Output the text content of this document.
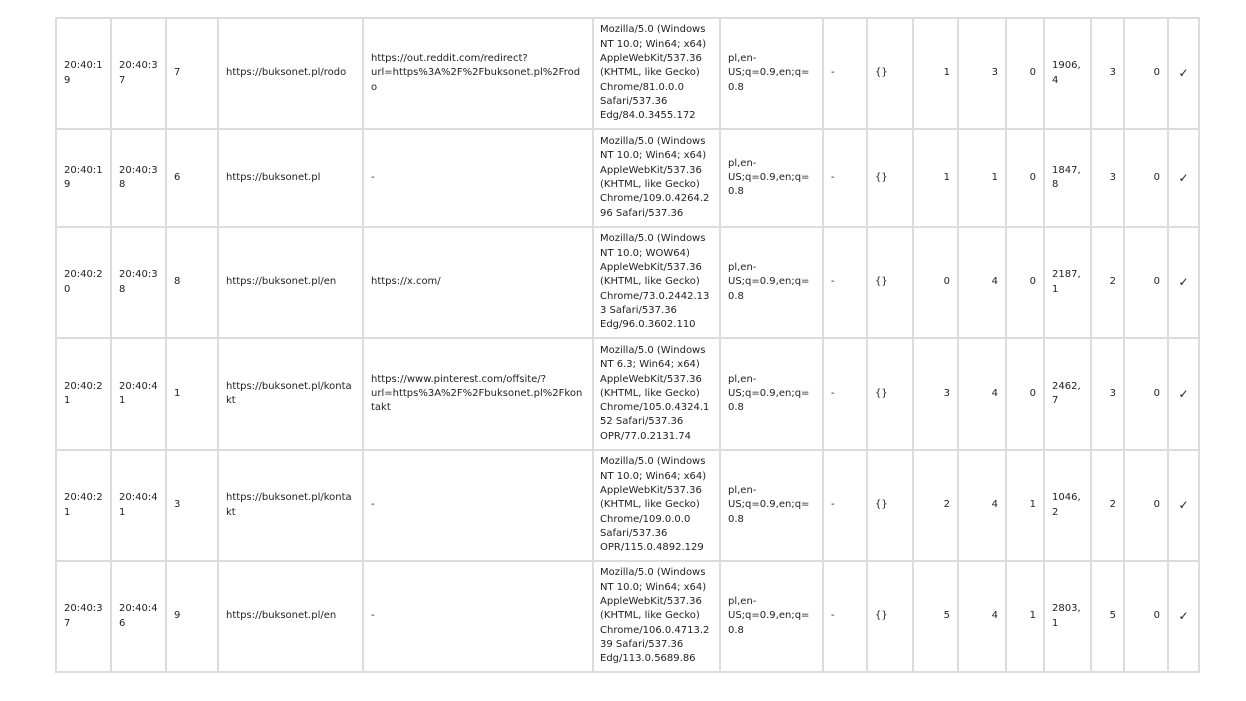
20:40:19	20:40:37	7	https://buksonet.pl/rodo	https://out.reddit.com/redirect?url=https%3A%2F%2Fbuksonet.pl%2Frodo	Mozilla/5.0 (Windows NT 10.0; Win64; x64) AppleWebKit/537.36 (KHTML, like Gecko) Chrome/81.0.0.0 Safari/537.36 Edg/84.0.3455.172	pl,en-US;q=0.9,en;q=0.8	-	{}	1	3	0	1906,4	3	0	✓
20:40:19	20:40:38	6	https://buksonet.pl	-	Mozilla/5.0 (Windows NT 10.0; Win64; x64) AppleWebKit/537.36 (KHTML, like Gecko) Chrome/109.0.4264.296 Safari/537.36	pl,en-US;q=0.9,en;q=0.8	-	{}	1	1	0	1847,8	3	0	✓
20:40:20	20:40:38	8	https://buksonet.pl/en	https://x.com/	Mozilla/5.0 (Windows NT 10.0; WOW64) AppleWebKit/537.36 (KHTML, like Gecko) Chrome/73.0.2442.133 Safari/537.36 Edg/96.0.3602.110	pl,en-US;q=0.9,en;q=0.8	-	{}	0	4	0	2187,1	2	0	✓
20:40:21	20:40:41	1	https://buksonet.pl/kontakt	https://www.pinterest.com/offsite/?url=https%3A%2F%2Fbuksonet.pl%2Fkontakt	Mozilla/5.0 (Windows NT 6.3; Win64; x64) AppleWebKit/537.36 (KHTML, like Gecko) Chrome/105.0.4324.152 Safari/537.36 OPR/77.0.2131.74	pl,en-US;q=0.9,en;q=0.8	-	{}	3	4	0	2462,7	3	0	✓
20:40:21	20:40:41	3	https://buksonet.pl/kontakt	-	Mozilla/5.0 (Windows NT 10.0; Win64; x64) AppleWebKit/537.36 (KHTML, like Gecko) Chrome/109.0.0.0 Safari/537.36 OPR/115.0.4892.129	pl,en-US;q=0.9,en;q=0.8	-	{}	2	4	1	1046,2	2	0	✓
20:40:37	20:40:46	9	https://buksonet.pl/en	-	Mozilla/5.0 (Windows NT 10.0; Win64; x64) AppleWebKit/537.36 (KHTML, like Gecko) Chrome/106.0.4713.239 Safari/537.36 Edg/113.0.5689.86	pl,en-US;q=0.9,en;q=0.8	-	{}	5	4	1	2803,1	5	0	✓
